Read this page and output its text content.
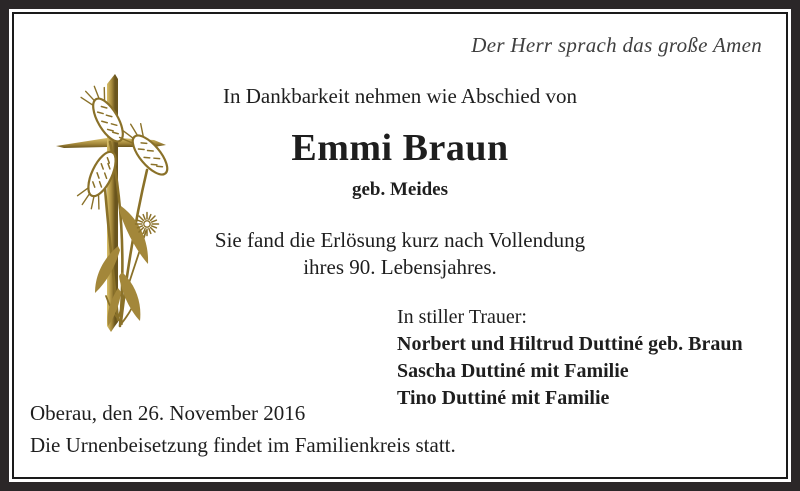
Der Herr sprach das große Amen
In Dankbarkeit nehmen wie Abschied von
Emmi Braun
geb. Meides
Sie fand die Erlösung kurz nach Vollendung
ihres 90. Lebensjahres.
In stiller Trauer:
Norbert und Hiltrud Duttiné geb. Braun
Sascha Duttiné mit Familie
Tino Duttiné mit Familie
Oberau, den 26. November 2016
Die Urnenbeisetzung findet im Familienkreis statt.
